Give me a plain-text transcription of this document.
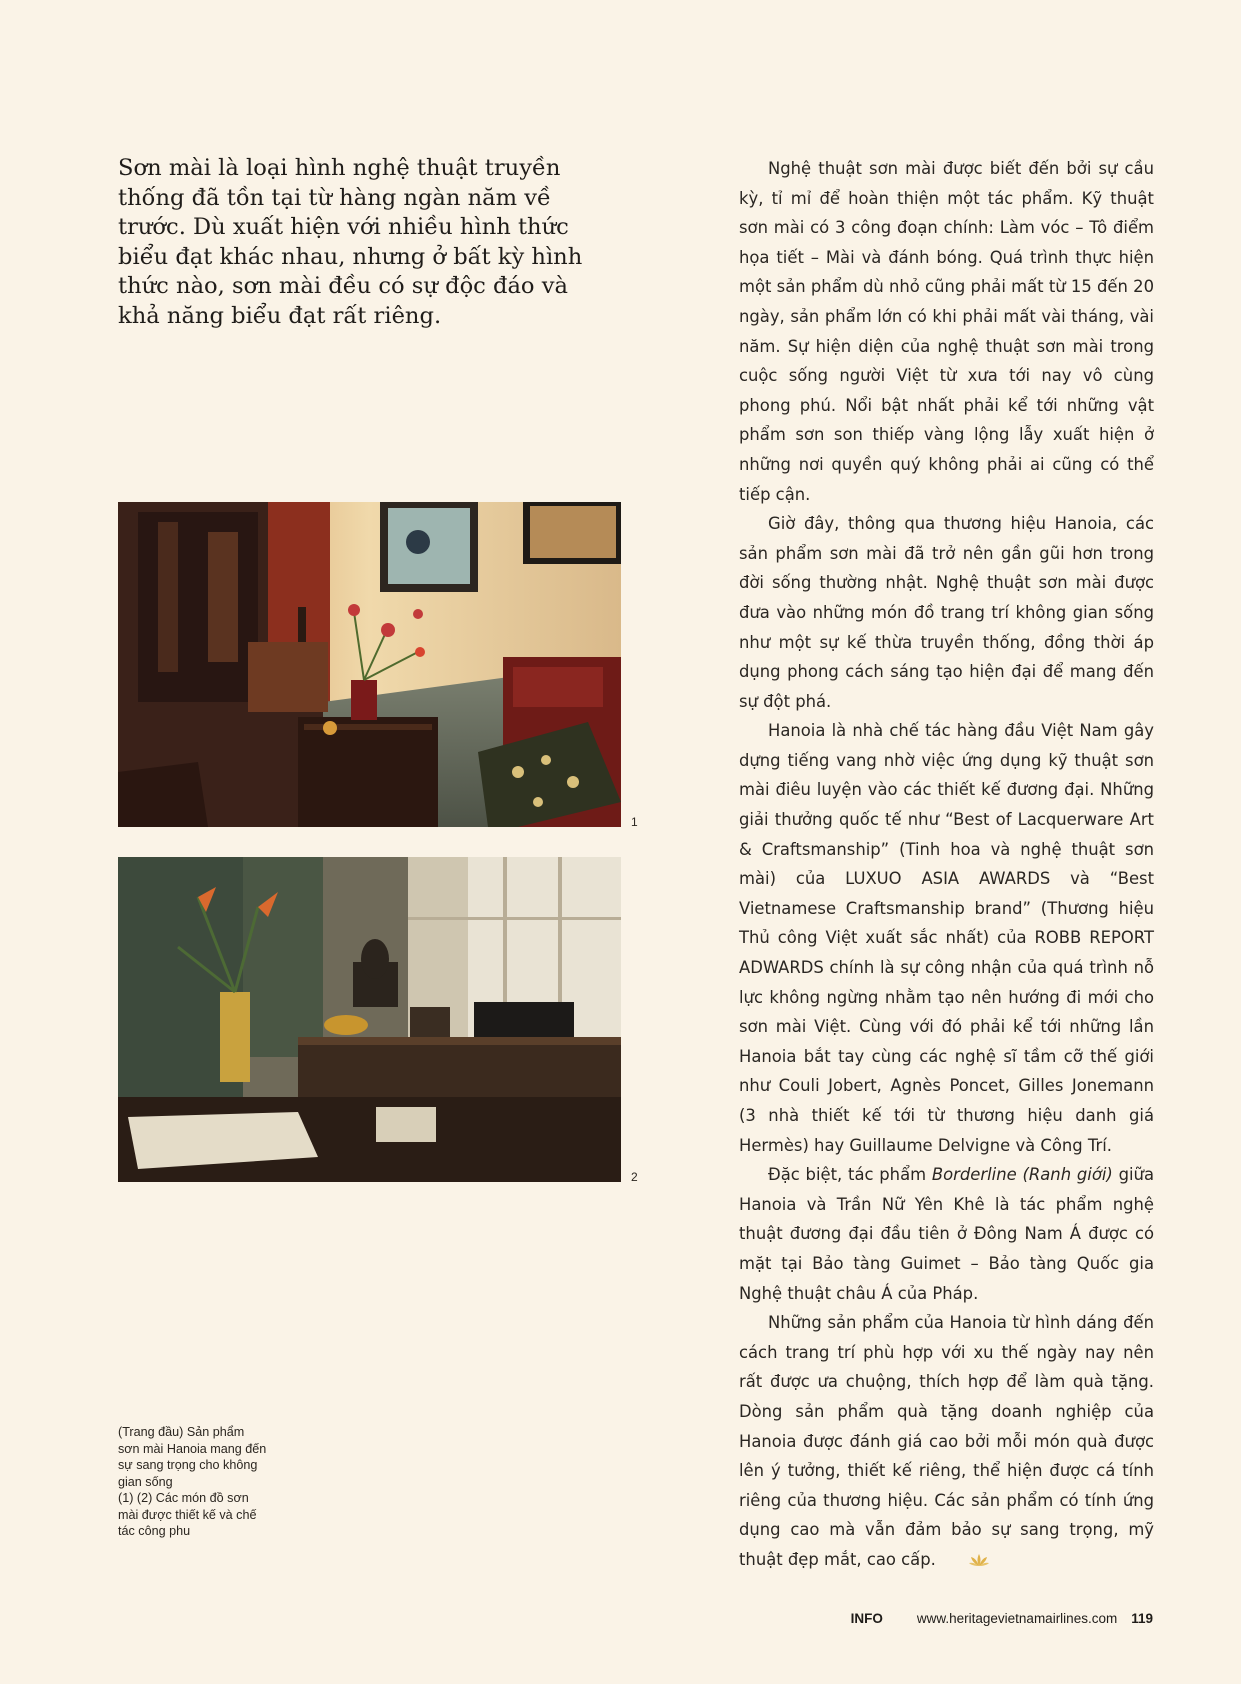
Sơn mài là loại hình nghệ thuật truyền thống đã tồn tại từ hàng ngàn năm về trước. Dù xuất hiện với nhiều hình thức biểu đạt khác nhau, nhưng ở bất kỳ hình thức nào, sơn mài đều có sự độc đáo và khả năng biểu đạt rất riêng.

1
2

(Trang đầu) Sản phẩm sơn mài Hanoia mang đến sự sang trọng cho không gian sống
(1) (2) Các món đồ sơn mài được thiết kế và chế tác công phu

Nghệ thuật sơn mài được biết đến bởi sự cầu kỳ, tỉ mỉ để hoàn thiện một tác phẩm. Kỹ thuật sơn mài có 3 công đoạn chính: Làm vóc – Tô điểm họa tiết – Mài và đánh bóng. Quá trình thực hiện một sản phẩm dù nhỏ cũng phải mất từ 15 đến 20 ngày, sản phẩm lớn có khi phải mất vài tháng, vài năm. Sự hiện diện của nghệ thuật sơn mài trong cuộc sống người Việt từ xưa tới nay vô cùng phong phú. Nổi bật nhất phải kể tới những vật phẩm sơn son thiếp vàng lộng lẫy xuất hiện ở những nơi quyền quý không phải ai cũng có thể tiếp cận.

Giờ đây, thông qua thương hiệu Hanoia, các sản phẩm sơn mài đã trở nên gần gũi hơn trong đời sống thường nhật. Nghệ thuật sơn mài được đưa vào những món đồ trang trí không gian sống như một sự kế thừa truyền thống, đồng thời áp dụng phong cách sáng tạo hiện đại để mang đến sự đột phá.

Hanoia là nhà chế tác hàng đầu Việt Nam gây dựng tiếng vang nhờ việc ứng dụng kỹ thuật sơn mài điêu luyện vào các thiết kế đương đại. Những giải thưởng quốc tế như “Best of Lacquerware Art & Craftsmanship” (Tinh hoa và nghệ thuật sơn mài) của LUXUO ASIA AWARDS và “Best Vietnamese Craftsmanship brand” (Thương hiệu Thủ công Việt xuất sắc nhất) của ROBB REPORT ADWARDS chính là sự công nhận của quá trình nỗ lực không ngừng nhằm tạo nên hướng đi mới cho sơn mài Việt. Cùng với đó phải kể tới những lần Hanoia bắt tay cùng các nghệ sĩ tầm cỡ thế giới như Couli Jobert, Agnès Poncet, Gilles Jonemann (3 nhà thiết kế tới từ thương hiệu danh giá Hermès) hay Guillaume Delvigne và Công Trí.

Đặc biệt, tác phẩm Borderline (Ranh giới) giữa Hanoia và Trần Nữ Yên Khê là tác phẩm nghệ thuật đương đại đầu tiên ở Đông Nam Á được có mặt tại Bảo tàng Guimet – Bảo tàng Quốc gia Nghệ thuật châu Á của Pháp.

Những sản phẩm của Hanoia từ hình dáng đến cách trang trí phù hợp với xu thế ngày nay nên rất được ưa chuộng, thích hợp để làm quà tặng. Dòng sản phẩm quà tặng doanh nghiệp của Hanoia được đánh giá cao bởi mỗi món quà được lên ý tưởng, thiết kế riêng, thể hiện được cá tính riêng của thương hiệu. Các sản phẩm có tính ứng dụng cao mà vẫn đảm bảo sự sang trọng, mỹ thuật đẹp mắt, cao cấp.

INFO	www.heritagevietnamairlines.com 119
